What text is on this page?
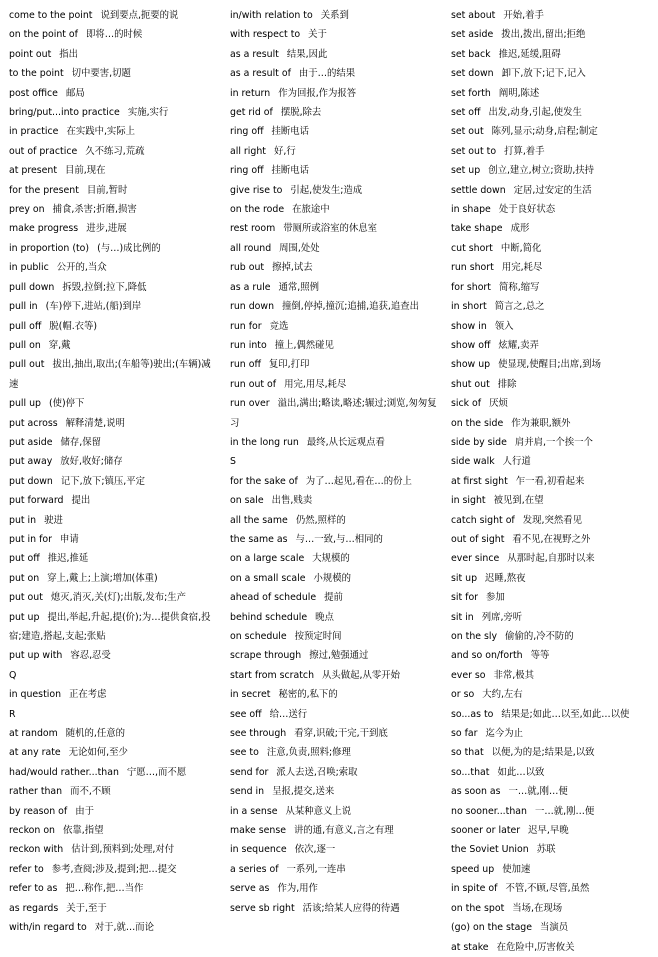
come to the point 说到要点,扼要的说
on the point of 即将…的时候
point out 指出
to the point 切中要害,切题
post office 邮局
bring/put...into practice 实施,实行
in practice 在实践中,实际上
out of practice 久不练习,荒疏
at present 目前,现在
for the present 目前,暂时
prey on 捕食,杀害;折磨,损害
make progress 进步,进展
in proportion (to) (与…)成比例的
in public 公开的,当众
pull down 拆毁,拉倒;拉下,降低
pull in (车)停下,进站,(船)到岸
pull off 脱(帽.衣等)
pull on 穿,戴
pull out 拔出,抽出,取出;(车船等)驶出;(车辆)减速
pull up (使)停下
put across 解释清楚,说明
put aside 储存,保留
put away 放好,收好;储存
put down 记下,放下;镇压,平定
put forward 提出
put in 驶进
put in for 申请
put off 推迟,推延
put on 穿上,戴上;上演;增加(体重)
put out 熄灭,消灭,关(灯);出版,发布;生产
put up 提出,举起,升起,提(价);为…提供食宿,投宿;建造,搭起,支起;张贴
put up with 容忍,忍受
Q
in question 正在考虑
R
at random 随机的,任意的
at any rate 无论如何,至少
had/would rather...than 宁愿…,而不愿
rather than 而不,不顾
by reason of 由于
reckon on 依靠,指望
reckon with 估计到,预料到;处理,对付
refer to 参考,查阅;涉及,提到;把…提交
refer to as 把…称作,把…当作
as regards 关于,至于
with/in regard to 对于,就…而论
in/with relation to 关系到
with respect to 关于
as a result 结果,因此
as a result of 由于…的结果
in return 作为回报,作为报答
get rid of 摆脱,除去
ring off 挂断电话
all right 好,行
ring off 挂断电话
give rise to 引起,使发生;造成
on the rode 在旅途中
rest room 带厕所或浴室的休息室
all round 周围,处处
rub out 擦掉,试去
as a rule 通常,照例
run down 撞倒,停掉,撞沉;追捕,追获,追查出
run for 竞选
run into 撞上,偶然碰见
run off 复印,打印
run out of 用完,用尽,耗尽
run over 溢出,满出;略读,略述;辗过;浏览,匆匆复习
in the long run 最终,从长远观点看
S
for the sake of 为了…起见,看在…的份上
on sale 出售,贱卖
all the same 仍然,照样的
the same as 与…一致,与…相同的
on a large scale 大规模的
on a small scale 小规模的
ahead of schedule 提前
behind schedule 晚点
on schedule 按预定时间
scrape through 擦过,勉强通过
start from scratch 从头做起,从零开始
in secret 秘密的,私下的
see off 给…送行
see through 看穿,识破;干完,干到底
see to 注意,负责,照料;修理
send for 派人去送,召唤;索取
send in 呈报,提交,送来
in a sense 从某种意义上说
make sense 讲的通,有意义,言之有理
in sequence 依次,逐一
a series of 一系列,一连串
serve as 作为,用作
serve sb right 活该;给某人应得的待遇
set about 开始,着手
set aside 拨出,拨出,留出;拒绝
set back 推迟,延缓,阻碍
set down 卸下,放下;记下,记入
set forth 阐明,陈述
set off 出发,动身,引起,使发生
set out 陈列,显示;动身,启程;制定
set out to 打算,着手
set up 创立,建立,树立;资助,扶持
settle down 定居,过安定的生活
in shape 处于良好状态
take shape 成形
cut short 中断,简化
run short 用完,耗尽
for short 简称,缩写
in short 简言之,总之
show in 领入
show off 炫耀,卖弄
show up 使显现,使醒目;出席,到场
shut out 排除
sick of 厌烦
on the side 作为兼职,额外
side by side 肩并肩,一个挨一个
side walk 人行道
at first sight 乍一看,初看起来
in sight 被见到,在望
catch sight of 发现,突然看见
out of sight 看不见,在视野之外
ever since 从那时起,自那时以来
sit up 迟睡,熬夜
sit for 参加
sit in 列席,旁听
on the sly 偷偷的,冷不防的
and so on/forth 等等
ever so 非常,极其
or so 大约,左右
so...as to 结果是;如此…以至,如此…以使
so far 迄今为止
so that 以便,为的是;结果是,以致
so...that 如此…以致
as soon as 一…就,刚…便
no sooner...than 一…就,刚…便
sooner or later 迟早,早晚
the Soviet Union 苏联
speed up 使加速
in spite of 不管,不顾,尽管,虽然
on the spot 当场,在现场
(go) on the stage 当演员
at stake 在危险中,厉害攸关
